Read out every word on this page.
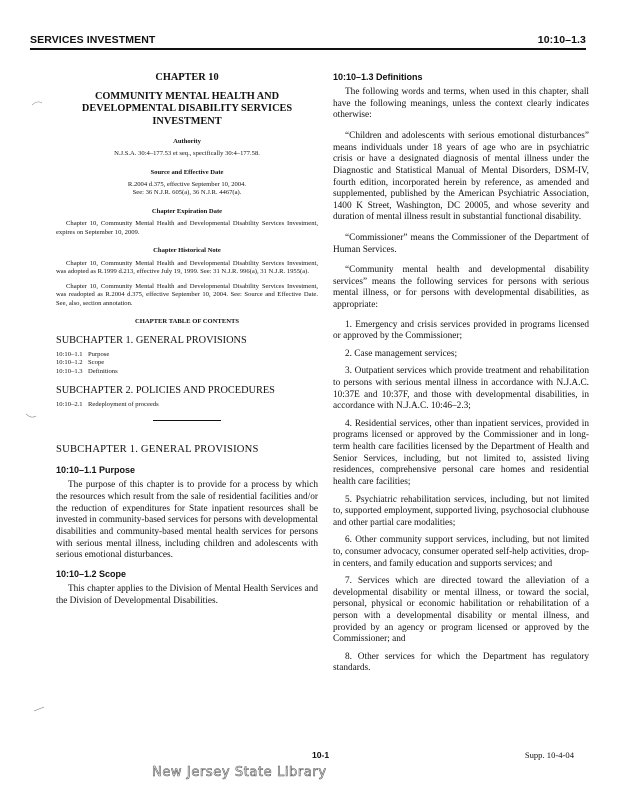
SERVICES INVESTMENT	10:10–1.3
CHAPTER 10
COMMUNITY MENTAL HEALTH AND DEVELOPMENTAL DISABILITY SERVICES INVESTMENT
Authority
N.J.S.A. 30:4–177.53 et seq., specifically 30:4–177.58.
Source and Effective Date
R.2004 d.375, effective September 10, 2004.
See: 36 N.J.R. 605(a), 36 N.J.R. 4467(a).
Chapter Expiration Date
Chapter 10, Community Mental Health and Developmental Disability Services Investment, expires on September 10, 2009.
Chapter Historical Note
Chapter 10, Community Mental Health and Developmental Disability Services Investment, was adopted as R.1999 d.213, effective July 19, 1999. See: 31 N.J.R. 996(a), 31 N.J.R. 1955(a).
Chapter 10, Community Mental Health and Developmental Disability Services Investment, was readopted as R.2004 d.375, effective September 10, 2004. See: Source and Effective Date. See, also, section annotation.
CHAPTER TABLE OF CONTENTS
SUBCHAPTER 1. GENERAL PROVISIONS
10:10–1.1 Purpose
10:10–1.2 Scope
10:10–1.3 Definitions
SUBCHAPTER 2. POLICIES AND PROCEDURES
10:10–2.1 Redeployment of proceeds
SUBCHAPTER 1. GENERAL PROVISIONS
10:10–1.1 Purpose
The purpose of this chapter is to provide for a process by which the resources which result from the sale of residential facilities and/or the reduction of expenditures for State inpatient resources shall be invested in community-based services for persons with developmental disabilities and community-based mental health services for persons with serious mental illness, including children and adolescents with serious emotional disturbances.
10:10–1.2 Scope
This chapter applies to the Division of Mental Health Services and the Division of Developmental Disabilities.
10:10–1.3 Definitions
The following words and terms, when used in this chapter, shall have the following meanings, unless the context clearly indicates otherwise:
“Children and adolescents with serious emotional disturbances” means individuals under 18 years of age who are in psychiatric crisis or have a designated diagnosis of mental illness under the Diagnostic and Statistical Manual of Mental Disorders, DSM-IV, fourth edition, incorporated herein by reference, as amended and supplemented, published by the American Psychiatric Association, 1400 K Street, Washington, DC 20005, and whose severity and duration of mental illness result in substantial functional disability.
“Commissioner” means the Commissioner of the Department of Human Services.
“Community mental health and developmental disability services” means the following services for persons with serious mental illness, or for persons with developmental disabilities, as appropriate:
1. Emergency and crisis services provided in programs licensed or approved by the Commissioner;
2. Case management services;
3. Outpatient services which provide treatment and rehabilitation to persons with serious mental illness in accordance with N.J.A.C. 10:37E and 10:37F, and those with developmental disabilities, in accordance with N.J.A.C. 10:46–2.3;
4. Residential services, other than inpatient services, provided in programs licensed or approved by the Commissioner and in long-term health care facilities licensed by the Department of Health and Senior Services, including, but not limited to, assisted living residences, comprehensive personal care homes and residential health care facilities;
5. Psychiatric rehabilitation services, including, but not limited to, supported employment, supported living, psychosocial clubhouse and other partial care modalities;
6. Other community support services, including, but not limited to, consumer advocacy, consumer operated self-help activities, drop-in centers, and family education and supports services; and
7. Services which are directed toward the alleviation of a developmental disability or mental illness, or toward the social, personal, physical or economic habilitation or rehabilitation of a person with a developmental disability or mental illness, and provided by an agency or program licensed or approved by the Commissioner; and
8. Other services for which the Department has regulatory standards.
10-1	Supp. 10-4-04
New Jersey State Library
